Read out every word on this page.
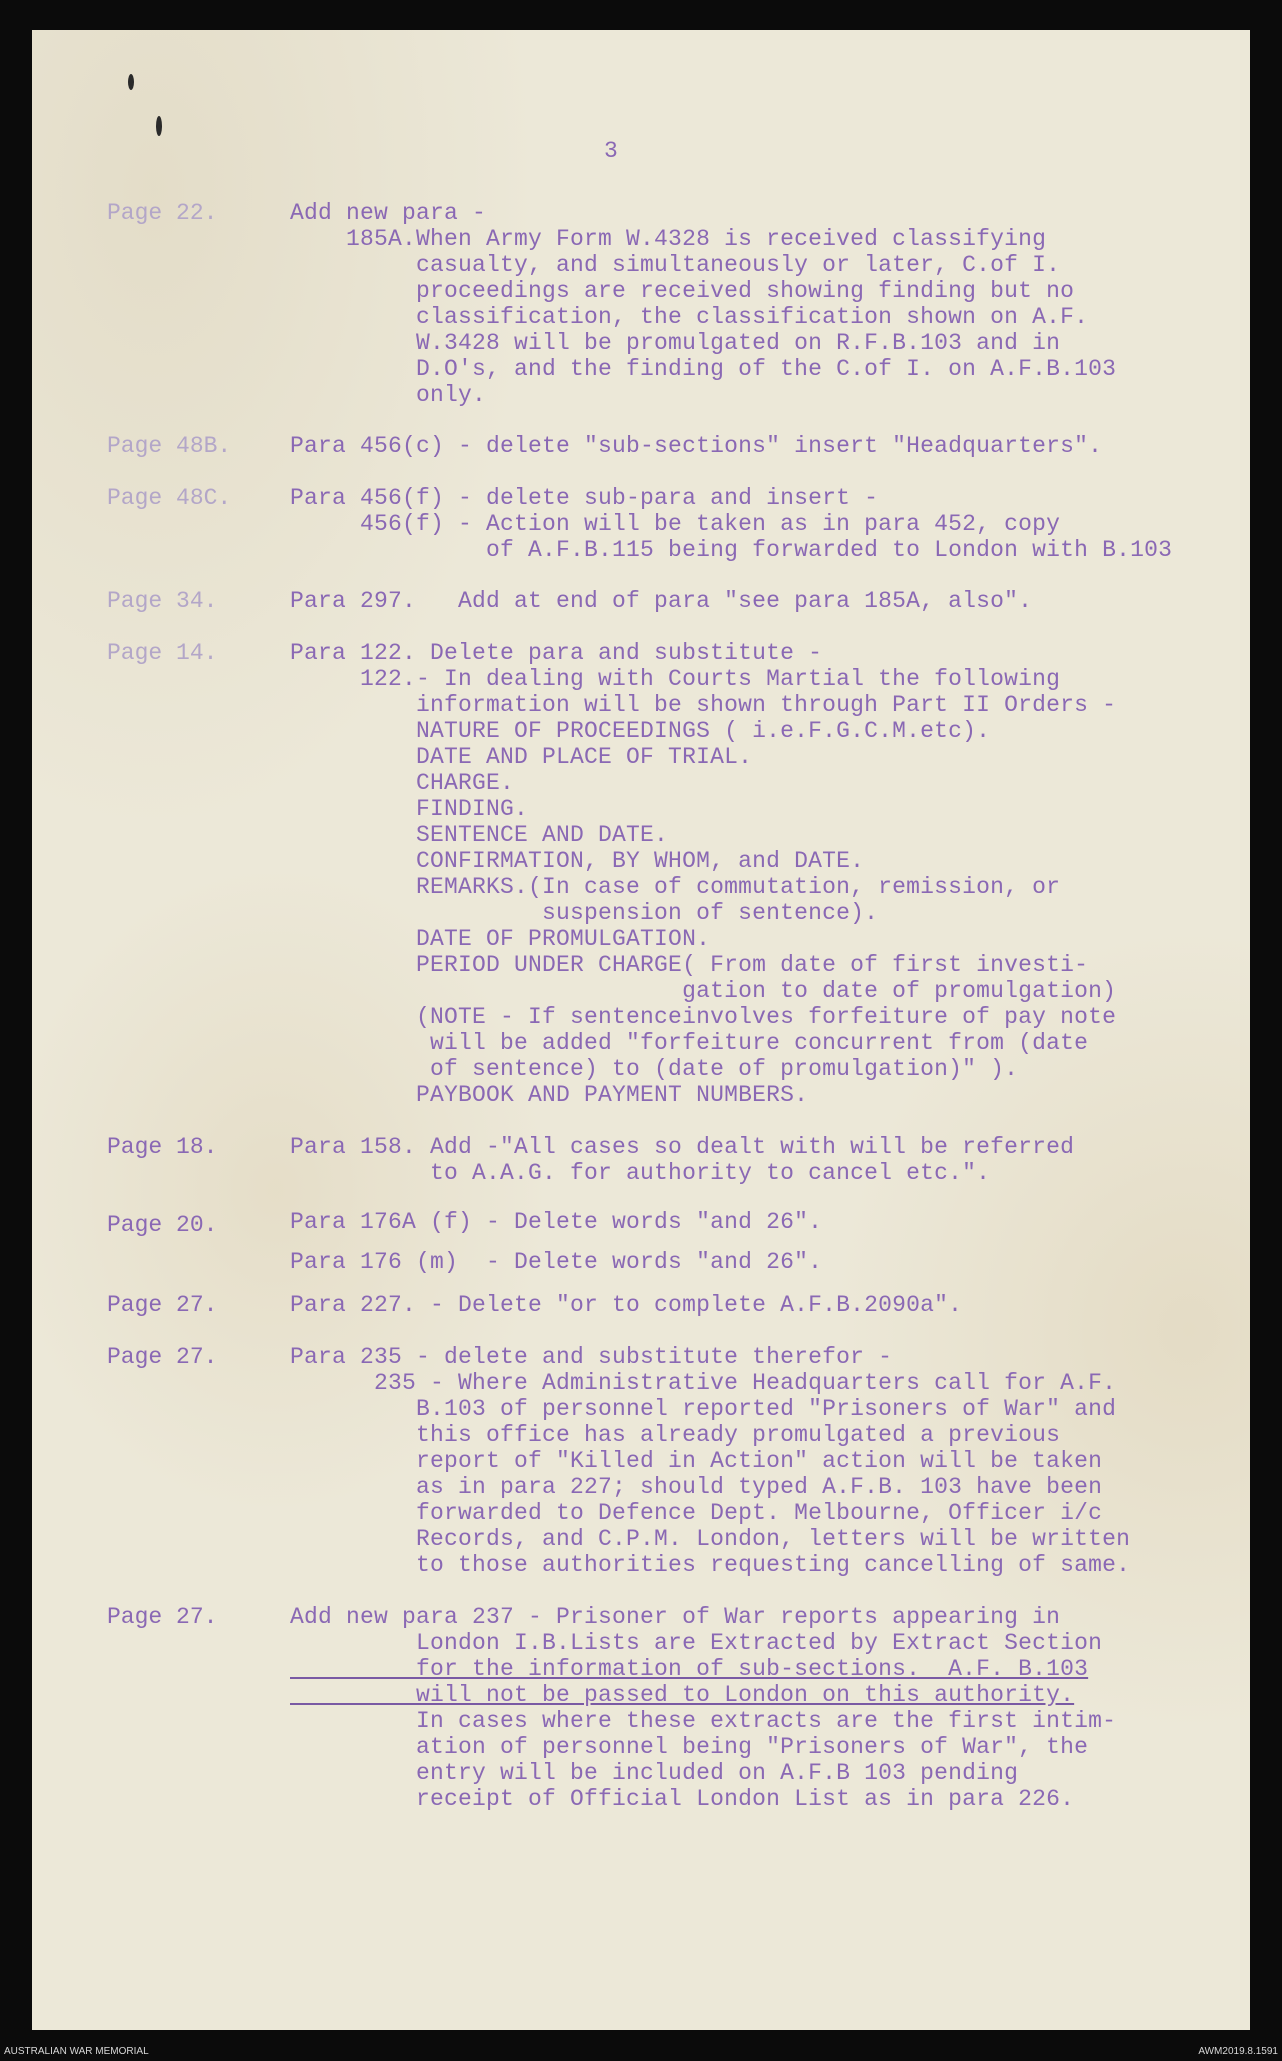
3
Page 22.	Add new para -
185A.When Army Form W.4328 is received classifying
casualty, and simultaneously or later, C.of I.
proceedings are received showing finding but no
classification, the classification shown on A.F.
W.3428 will be promulgated on R.F.B.103 and in
D.O's, and the finding of the C.of I. on A.F.B.103
only.
Page 48B.	Para 456(c) - delete "sub-sections" insert "Headquarters".
Page 48C.	Para 456(f) - delete sub-para and insert -
456(f) - Action will be taken as in para 452, copy
of A.F.B.115 being forwarded to London with B.103
Page 34.	Para 297.   Add at end of para "see para 185A, also".
Page 14.	Para 122. Delete para and substitute -
122.- In dealing with Courts Martial the following
information will be shown through Part II Orders -
NATURE OF PROCEEDINGS ( i.e.F.G.C.M.etc).
DATE AND PLACE OF TRIAL.
CHARGE.
FINDING.
SENTENCE AND DATE.
CONFIRMATION, BY WHOM, and DATE.
REMARKS.(In case of commutation, remission, or
suspension of sentence).
DATE OF PROMULGATION.
PERIOD UNDER CHARGE( From date of first investi-
gation to date of promulgation)
(NOTE - If sentenceinvolves forfeiture of pay note
will be added "forfeiture concurrent from (date
of sentence) to (date of promulgation)" ).
PAYBOOK AND PAYMENT NUMBERS.
Page 18.	Para 158. Add -"All cases so dealt with will be referred
to A.A.G. for authority to cancel etc.".
Page 20.	Para 176A (f) - Delete words "and 26".
Para 176 (m)  - Delete words "and 26".
Page 27.	Para 227. - Delete "or to complete A.F.B.2090a".
Page 27.	Para 235 - delete and substitute therefor -
235 - Where Administrative Headquarters call for A.F.
B.103 of personnel reported "Prisoners of War" and
this office has already promulgated a previous
report of "Killed in Action" action will be taken
as in para 227; should typed A.F.B. 103 have been
forwarded to Defence Dept. Melbourne, Officer i/c
Records, and C.P.M. London, letters will be written
to those authorities requesting cancelling of same.
Page 27.	Add new para 237 - Prisoner of War reports appearing in
London I.B.Lists are Extracted by Extract Section
for the information of sub-sections.  A.F. B.103
will not be passed to London on this authority.
In cases where these extracts are the first intim-
ation of personnel being "Prisoners of War", the
entry will be included on A.F.B 103 pending
receipt of Official London List as in para 226.
AUSTRALIAN WAR MEMORIAL	AWM2019.8.1591
